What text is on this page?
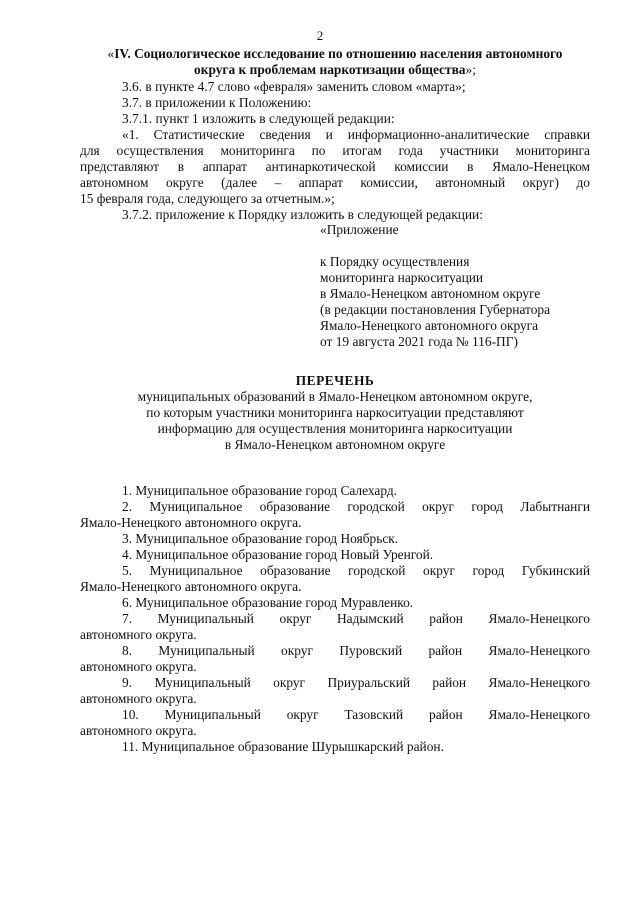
2
«IV. Социологическое исследование по отношению населения автономного
округа к проблемам наркотизации общества»;
3.6. в пункте 4.7 слово «февраля» заменить словом «марта»;
3.7. в приложении к Положению:
3.7.1. пункт 1 изложить в следующей редакции:
«1. Статистические сведения и информационно-аналитические справки
для осуществления мониторинга по итогам года участники мониторинга
представляют в аппарат антинаркотической комиссии в Ямало-Ненецком
автономном округе (далее – аппарат комиссии, автономный округ) до
15 февраля года, следующего за отчетным.»;
3.7.2. приложение к Порядку изложить в следующей редакции:
«Приложение
к Порядку осуществления
мониторинга наркоситуации
в Ямало-Ненецком автономном округе
(в редакции постановления Губернатора
Ямало-Ненецкого автономного округа
от 19 августа 2021 года № 116-ПГ)
ПЕРЕЧЕНЬ
муниципальных образований в Ямало-Ненецком автономном округе,
по которым участники мониторинга наркоситуации представляют
информацию для осуществления мониторинга наркоситуации
в Ямало-Ненецком автономном округе
1. Муниципальное образование город Салехард.
2. Муниципальное образование городской округ город Лабытнанги
Ямало-Ненецкого автономного округа.
3. Муниципальное образование город Ноябрьск.
4. Муниципальное образование город Новый Уренгой.
5. Муниципальное образование городской округ город Губкинский
Ямало-Ненецкого автономного округа.
6. Муниципальное образование город Муравленко.
7. Муниципальный округ Надымский район Ямало-Ненецкого
автономного округа.
8. Муниципальный округ Пуровский район Ямало-Ненецкого
автономного округа.
9. Муниципальный округ Приуральский район Ямало-Ненецкого
автономного округа.
10. Муниципальный округ Тазовский район Ямало-Ненецкого
автономного округа.
11. Муниципальное образование Шурышкарский район.
